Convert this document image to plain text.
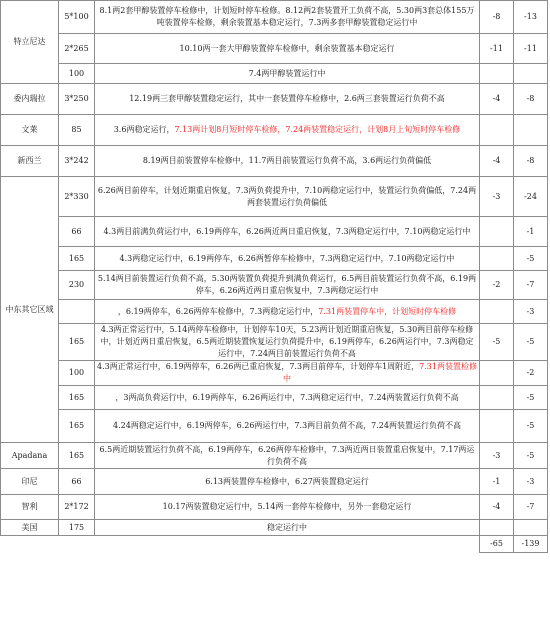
特立尼达	5*100	8.1两2套甲醇装置停车检修中，计划短时停车检修。8.12两2套装置开工负荷不高，5.30两3套总体155万吨装置停车检修，剩余装置基本稳定运行，7.3两多套甲醇装置稳定运行中	-8	-13
	2*265	10.10两一套大甲醇装置停车检修中，剩余装置基本稳定运行	-11	-11
	100	7.4两甲醇装置运行中		
委内瑞拉	3*250	12.19两三套甲醇装置稳定运行，其中一套装置停车检修中，2.6两三套装置运行负荷不高	-4	-8
文莱	85	3.6两稳定运行，7.13两计划8月短时停车检修，7.24两装置稳定运行，计划8月上旬短时停车检修		
新西兰	3*242	8.19两目前装置停车检修中，11.7两目前装置运行负荷不高，3.6两运行负荷偏低	-4	-8
中东其它区域	2*330	6.26两目前停车，计划近期重启恢复，7.3两负荷提升中，7.10两稳定运行中，装置运行负荷偏低，7.24两两套装置运行负荷偏低	-3	-24
	66	4.3两目前满负荷运行中，6.19两停车，6.26两近两日重启恢复，7.3两稳定运行中，7.10两稳定运行中		-1
	165	4.3两稳定运行中，6.19两停车，6.26两暂停车检修中，7.3两稳定运行中，7.10两稳定运行中		-5
	230	5.14两目前装置运行负荷不高，5.30两装置负荷提升到满负荷运行，6.5两目前装置运行负荷不高，6.19两停车，6.26两近两日重启恢复中，7.3两稳定运行中	-2	-7
		，6.19两停车，6.26两停车检修中，7.3两稳定运行中，7.31两装置停车中，计划短时停车检修		-3
	165	4.3两正常运行中，5.14两停车检修中，计划停车10天，5.23两计划近期重启恢复，5.30两目前停车检修中，计划近两日重启恢复，6.5两近期装置恢复运行负荷提升中，6.19两停车，6.26两运行中，7.3两稳定运行中，7.24两目前装置运行负荷不高	-5	-5
	100	4.3两正常运行中，6.19两停车，6.26两已重启恢复，7.3两目前停车，计划停车1周附近，7.31两装置检修中		-2
	165	，3两高负荷运行中，6.19两停车，6.26两运行中，7.3两稳定运行中，7.24两装置运行负荷不高		-5
	165	4.24两稳定运行中，6.19两停车，6.26两运行中，7.3两目前负荷不高，7.24两装置运行负荷不高		-5
Apadana	165	6.5两近期装置运行负荷不高，6.19两停车，6.26两停车检修中，7.3两近两日装置重启恢复中，7.17两运行负荷不高	-3	-5
印尼	66	6.13两装置停车检修中，6.27两装置稳定运行	-1	-3
智利	2*172	10.17两装置稳定运行中，5.14两一套停车检修中，另外一套稳定运行	-4	-7
美国	175	稳定运行中		
			-65	-139
